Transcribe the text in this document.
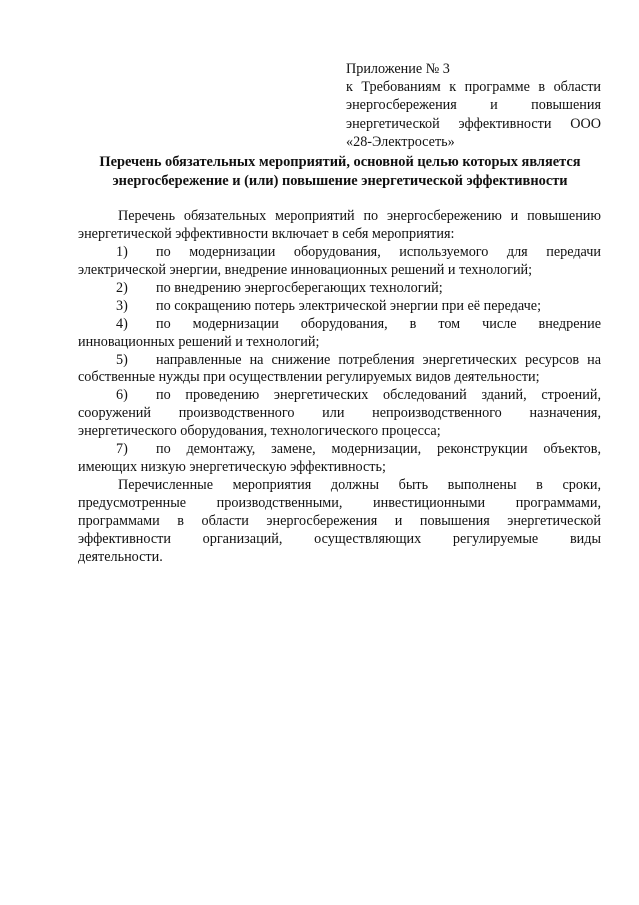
Приложение № 3
к Требованиям к программе в области
энергосбережения и повышения
энергетической эффективности ООО
«28-Электросеть»
Перечень обязательных мероприятий, основной целью которых является
энергосбережение и (или) повышение энергетической эффективности
Перечень обязательных мероприятий по энергосбережению и повышению
энергетической эффективности включает в себя мероприятия:
1) по модернизации оборудования, используемого для передачи
электрической энергии, внедрение инновационных решений и технологий;
2) по внедрению энергосберегающих технологий;
3) по сокращению потерь электрической энергии при её передаче;
4) по модернизации оборудования, в том числе внедрение
инновационных решений и технологий;
5) направленные на снижение потребления энергетических ресурсов на
собственные нужды при осуществлении регулируемых видов деятельности;
6) по проведению энергетических обследований зданий, строений,
сооружений производственного или непроизводственного назначения,
энергетического оборудования, технологического процесса;
7) по демонтажу, замене, модернизации, реконструкции объектов,
имеющих низкую энергетическую эффективность;
Перечисленные мероприятия должны быть выполнены в сроки,
предусмотренные производственными, инвестиционными программами,
программами в области энергосбережения и повышения энергетической
эффективности организаций, осуществляющих регулируемые виды
деятельности.
